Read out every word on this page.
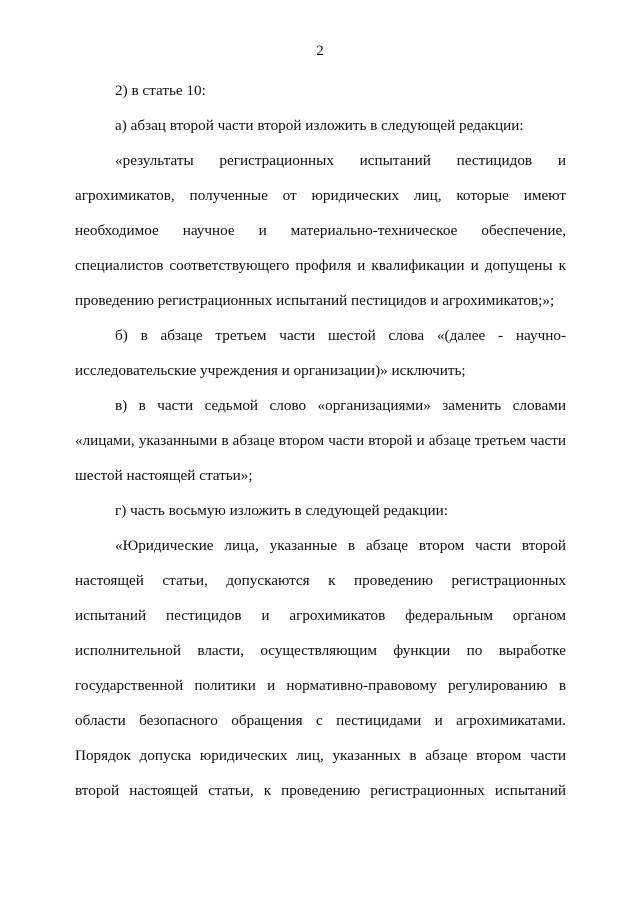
2
2) в статье 10:
а) абзац второй части второй изложить в следующей редакции:
«результаты регистрационных испытаний пестицидов и
агрохимикатов, полученные от юридических лиц, которые имеют
необходимое научное и материально-техническое обеспечение,
специалистов соответствующего профиля и квалификации и допущены к
проведению регистрационных испытаний пестицидов и агрохимикатов;»;
б) в абзаце третьем части шестой слова «(далее - научно-
исследовательские учреждения и организации)» исключить;
в) в части седьмой слово «организациями» заменить словами
«лицами, указанными в абзаце втором части второй и абзаце третьем части
шестой настоящей статьи»;
г) часть восьмую изложить в следующей редакции:
«Юридические лица, указанные в абзаце втором части второй
настоящей статьи, допускаются к проведению регистрационных
испытаний пестицидов и агрохимикатов федеральным органом
исполнительной власти, осуществляющим функции по выработке
государственной политики и нормативно-правовому регулированию в
области безопасного обращения с пестицидами и агрохимикатами.
Порядок допуска юридических лиц, указанных в абзаце втором части
второй настоящей статьи, к проведению регистрационных испытаний
